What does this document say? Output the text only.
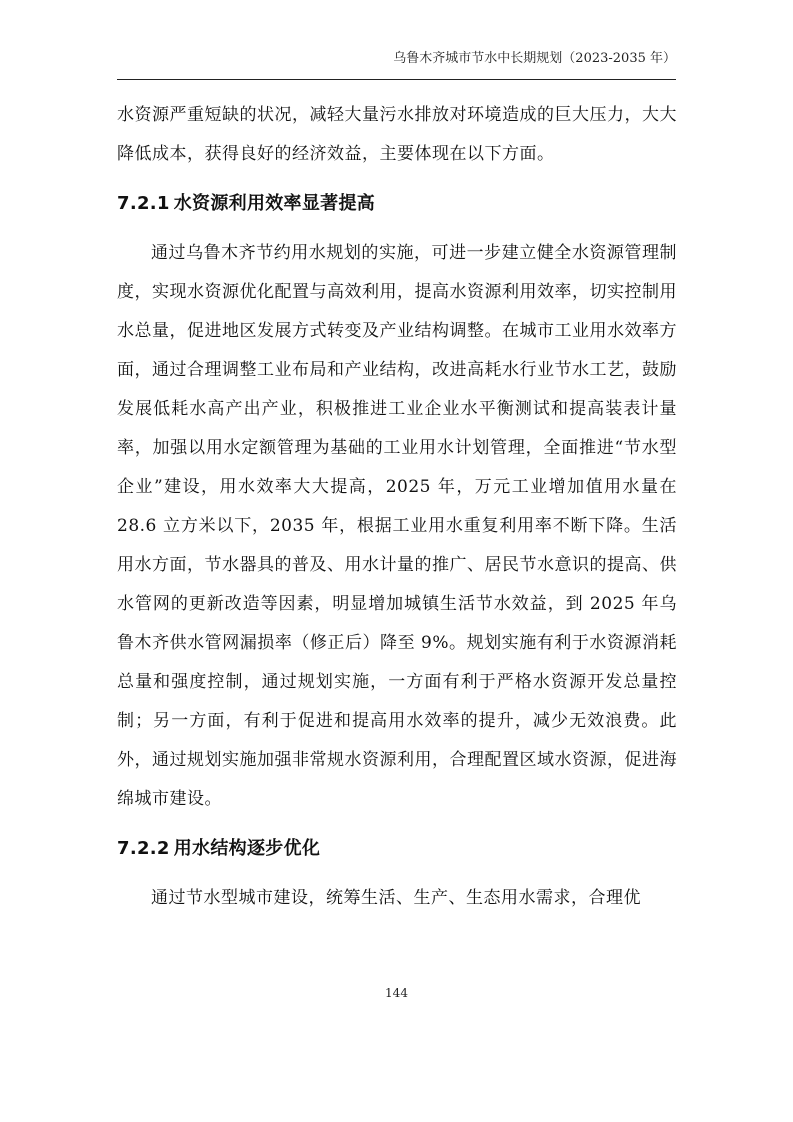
乌鲁木齐城市节水中长期规划（2023-2035 年）

水资源严重短缺的状况，减轻大量污水排放对环境造成的巨大压力，大大降低成本，获得良好的经济效益，主要体现在以下方面。

7.2.1 水资源利用效率显著提高

通过乌鲁木齐节约用水规划的实施，可进一步建立健全水资源管理制度，实现水资源优化配置与高效利用，提高水资源利用效率，切实控制用水总量，促进地区发展方式转变及产业结构调整。在城市工业用水效率方面，通过合理调整工业布局和产业结构，改进高耗水行业节水工艺，鼓励发展低耗水高产出产业，积极推进工业企业水平衡测试和提高装表计量率，加强以用水定额管理为基础的工业用水计划管理，全面推进“节水型企业”建设，用水效率大大提高，2025 年，万元工业增加值用水量在 28.6 立方米以下，2035 年，根据工业用水重复利用率不断下降。生活用水方面，节水器具的普及、用水计量的推广、居民节水意识的提高、供水管网的更新改造等因素，明显增加城镇生活节水效益，到 2025 年乌鲁木齐供水管网漏损率（修正后）降至 9%。规划实施有利于水资源消耗总量和强度控制，通过规划实施，一方面有利于严格水资源开发总量控制；另一方面，有利于促进和提高用水效率的提升，减少无效浪费。此外，通过规划实施加强非常规水资源利用，合理配置区域水资源，促进海绵城市建设。

7.2.2 用水结构逐步优化

通过节水型城市建设，统筹生活、生产、生态用水需求，合理优

144
